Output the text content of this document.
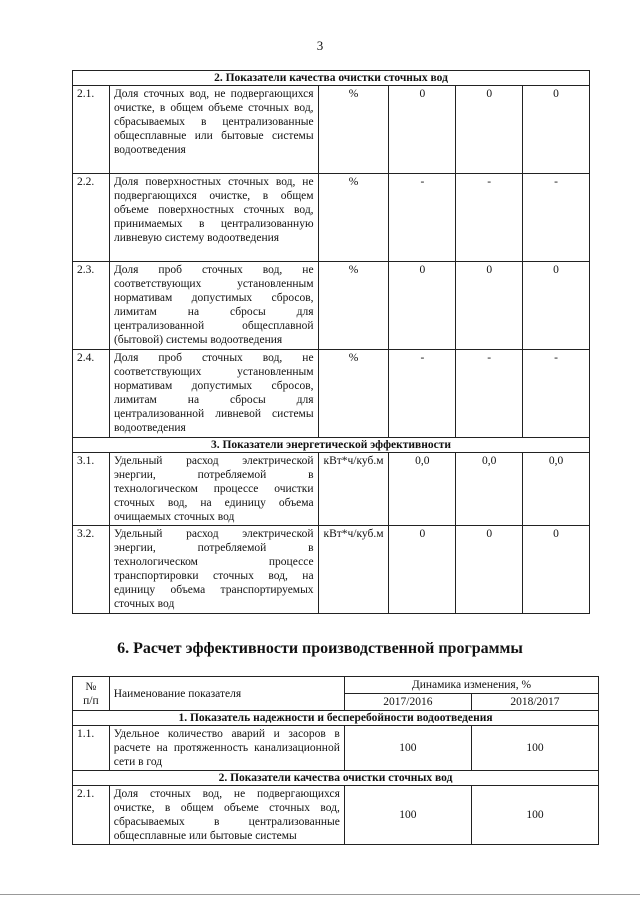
3
2. Показатели качества очистки сточных вод					
2.1.	Доля сточных вод, не подвергающихся очистке, в общем объеме сточных вод, сбрасываемых в централизованные общесплавные или бытовые системы водоотведения	%	0	0	0
2.2.	Доля поверхностных сточных вод, не подвергающихся очистке, в общем объеме поверхностных сточных вод, принимаемых в централизованную ливневую систему водоотведения	%	-	-	-
2.3.	Доля проб сточных вод, не соответствующих установленным нормативам допустимых сбросов, лимитам на сбросы для централизованной общесплавной (бытовой) системы водоотведения	%	0	0	0
2.4.	Доля проб сточных вод, не соответствующих установленным нормативам допустимых сбросов, лимитам на сбросы для централизованной ливневой системы водоотведения	%	-	-	-
3. Показатели энергетической эффективности					
3.1.	Удельный расход электрической энергии, потребляемой в технологическом процессе очистки сточных вод, на единицу объема очищаемых сточных вод	кВт*ч/куб.м	0,0	0,0	0,0
3.2.	Удельный расход электрической энергии, потребляемой в технологическом процессе транспортировки сточных вод, на единицу объема транспортируемых сточных вод	кВт*ч/куб.м	0	0	0
6. Расчет эффективности производственной программы
№
п/п	Наименование показателя	Динамика изменения, %	
		2017/2016	2018/2017
1. Показатель надежности и бесперебойности водоотведения			
1.1.	Удельное количество аварий и засоров в расчете на протяженность канализационной сети в год	100	100
2. Показатели качества очистки сточных вод			
2.1.	Доля сточных вод, не подвергающихся очистке, в общем объеме сточных вод, сбрасываемых в централизованные общесплавные или бытовые системы	100	100
